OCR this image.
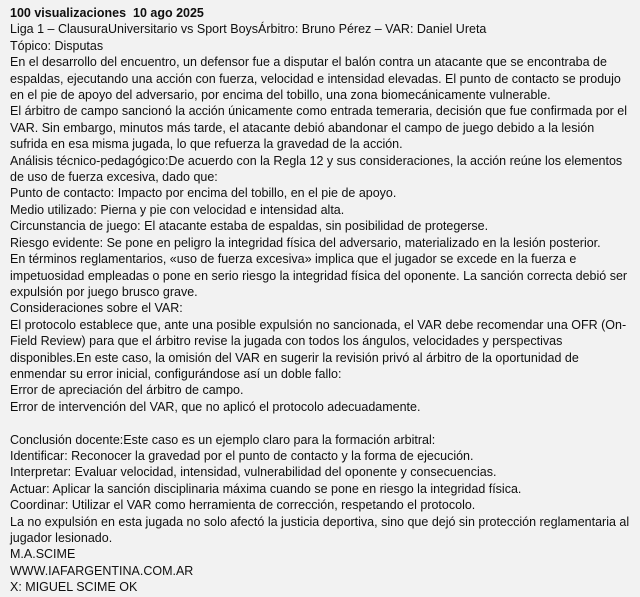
100 visualizaciones 10 ago 2025
Liga 1 – ClausuraUniversitario vs Sport BoysÁrbitro: Bruno Pérez – VAR: Daniel Ureta
Tópico: Disputas
En el desarrollo del encuentro, un defensor fue a disputar el balón contra un atacante que se encontraba de espaldas, ejecutando una acción con fuerza, velocidad e intensidad elevadas. El punto de contacto se produjo en el pie de apoyo del adversario, por encima del tobillo, una zona biomecánicamente vulnerable.
El árbitro de campo sancionó la acción únicamente como entrada temeraria, decisión que fue confirmada por el VAR. Sin embargo, minutos más tarde, el atacante debió abandonar el campo de juego debido a la lesión sufrida en esa misma jugada, lo que refuerza la gravedad de la acción.
Análisis técnico-pedagógico:De acuerdo con la Regla 12 y sus consideraciones, la acción reúne los elementos de uso de fuerza excesiva, dado que:
Punto de contacto: Impacto por encima del tobillo, en el pie de apoyo.
Medio utilizado: Pierna y pie con velocidad e intensidad alta.
Circunstancia de juego: El atacante estaba de espaldas, sin posibilidad de protegerse.
Riesgo evidente: Se pone en peligro la integridad física del adversario, materializado en la lesión posterior.
En términos reglamentarios, «uso de fuerza excesiva» implica que el jugador se excede en la fuerza e impetuosidad empleadas o pone en serio riesgo la integridad física del oponente. La sanción correcta debió ser expulsión por juego brusco grave.
Consideraciones sobre el VAR:
El protocolo establece que, ante una posible expulsión no sancionada, el VAR debe recomendar una OFR (On-Field Review) para que el árbitro revise la jugada con todos los ángulos, velocidades y perspectivas disponibles.En este caso, la omisión del VAR en sugerir la revisión privó al árbitro de la oportunidad de enmendar su error inicial, configurándose así un doble fallo:
Error de apreciación del árbitro de campo.
Error de intervención del VAR, que no aplicó el protocolo adecuadamente.
Conclusión docente:Este caso es un ejemplo claro para la formación arbitral:
Identificar: Reconocer la gravedad por el punto de contacto y la forma de ejecución.
Interpretar: Evaluar velocidad, intensidad, vulnerabilidad del oponente y consecuencias.
Actuar: Aplicar la sanción disciplinaria máxima cuando se pone en riesgo la integridad física.
Coordinar: Utilizar el VAR como herramienta de corrección, respetando el protocolo.
La no expulsión en esta jugada no solo afectó la justicia deportiva, sino que dejó sin protección reglamentaria al jugador lesionado.
M.A.SCIME
WWW.IAFARGENTINA.COM.AR
X: MIGUEL SCIME OK
